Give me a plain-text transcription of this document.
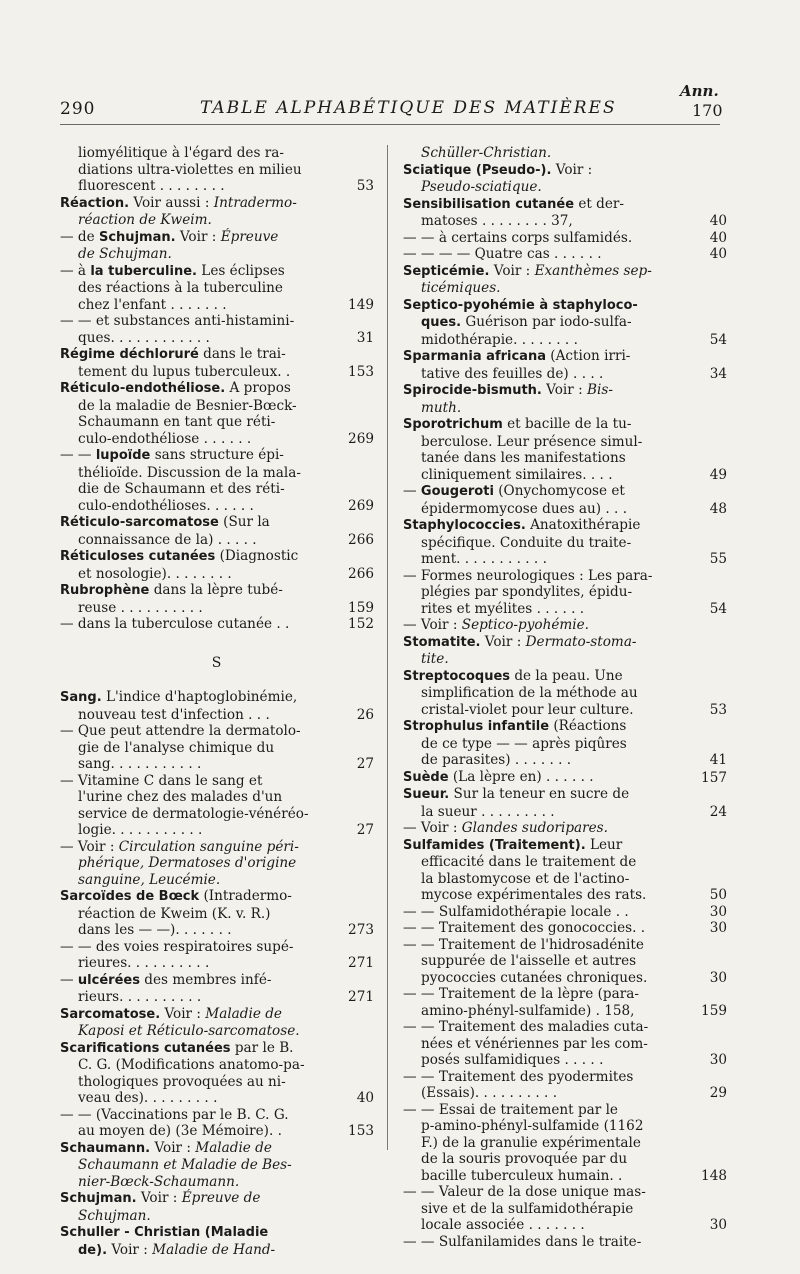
290	TABLE ALPHABÉTIQUE DES MATIÈRES
Ann.
170

liomyélitique à l'égard des ra-

diations ultra-violettes en milieu

fluorescent . . . . . . . .	53

Réaction. Voir aussi : Intradermo-

réaction de Kweim.

— de Schujman. Voir : Épreuve

de Schujman.

— à la tuberculine. Les éclipses

des réactions à la tuberculine

chez l'enfant . . . . . . .	149

— — et substances anti-histamini-

ques. . . . . . . . . . . .	31

Régime déchloruré dans le trai-

tement du lupus tuberculeux. .	153

Réticulo-endothéliose. A propos

de la maladie de Besnier-Bœck-

Schaumann en tant que réti-

culo-endothéliose . . . . . .	269

— — lupoïde sans structure épi-

thélioïde. Discussion de la mala-

die de Schaumann et des réti-

culo-endothélioses. . . . . .	269

Réticulo-sarcomatose (Sur la

connaissance de la) . . . . .	266

Réticuloses cutanées (Diagnostic

et nosologie). . . . . . . .	266

Rubrophène dans la lèpre tubé-

reuse . . . . . . . . . .	159

— dans la tuberculose cutanée . .	152

S

Sang. L'indice d'haptoglobinémie,

nouveau test d'infection . . .	26

— Que peut attendre la dermatolo-

gie de l'analyse chimique du

sang. . . . . . . . . . .	27

— Vitamine C dans le sang et

l'urine chez des malades d'un

service de dermatologie-vénéréo-

logie. . . . . . . . . . .	27

— Voir : Circulation sanguine péri-

phérique, Dermatoses d'origine

sanguine, Leucémie.

Sarcoïdes de Bœck (Intradermo-

réaction de Kweim (K. v. R.)

dans les — —). . . . . . .	273

— — des voies respiratoires supé-

rieures. . . . . . . . . .	271

— ulcérées des membres infé-

rieurs. . . . . . . . . .	271

Sarcomatose. Voir : Maladie de

Kaposi et Réticulo-sarcomatose.

Scarifications cutanées par le B.

C. G. (Modifications anatomo-pa-

thologiques provoquées au ni-

veau des). . . . . . . . .	40

— — (Vaccinations par le B. C. G.

au moyen de) (3e Mémoire). .	153

Schaumann. Voir : Maladie de

Schaumann et Maladie de Bes-

nier-Bœck-Schaumann.

Schujman. Voir : Épreuve de

Schujman.

Schuller - Christian (Maladie

de). Voir : Maladie de Hand-

Schüller-Christian.

Sciatique (Pseudo-). Voir :

Pseudo-sciatique.

Sensibilisation cutanée et der-

matoses . . . . . . . . 37,	40

— — à certains corps sulfamidés.	40

— — — — Quatre cas . . . . . .	40

Septicémie. Voir : Exanthèmes sep-

ticémiques.

Septico-pyohémie à staphyloco-

ques. Guérison par iodo-sulfa-

midothérapie. . . . . . . .	54

Sparmania africana (Action irri-

tative des feuilles de) . . . .	34

Spirocide-bismuth. Voir : Bis-

muth.

Sporotrichum et bacille de la tu-

berculose. Leur présence simul-

tanée dans les manifestations

cliniquement similaires. . . .	49

— Gougeroti (Onychomycose et

épidermomycose dues au) . . .	48

Staphylococcies. Anatoxithérapie

spécifique. Conduite du traite-

ment. . . . . . . . . . .	55

— Formes neurologiques : Les para-

plégies par spondylites, épidu-

rites et myélites . . . . . .	54

— Voir : Septico-pyohémie.

Stomatite. Voir : Dermato-stoma-

tite.

Streptocoques de la peau. Une

simplification de la méthode au

cristal-violet pour leur culture.	53

Strophulus infantile (Réactions

de ce type — — après piqûres

de parasites) . . . . . . .	41

Suède (La lèpre en) . . . . . .	157

Sueur. Sur la teneur en sucre de

la sueur . . . . . . . . .	24

— Voir : Glandes sudoripares.

Sulfamides (Traitement). Leur

efficacité dans le traitement de

la blastomycose et de l'actino-

mycose expérimentales des rats.	50

— — Sulfamidothérapie locale . .	30

— — Traitement des gonococcies. .	30

— — Traitement de l'hidrosadénite

suppurée de l'aisselle et autres

pyococcies cutanées chroniques.	30

— — Traitement de la lèpre (para-

amino-phényl-sulfamide) . 158,	159

— — Traitement des maladies cuta-

nées et vénériennes par les com-

posés sulfamidiques . . . . .	30

— — Traitement des pyodermites

(Essais). . . . . . . . . .	29

— — Essai de traitement par le

p-amino-phényl-sulfamide (1162

F.) de la granulie expérimentale

de la souris provoquée par du

bacille tuberculeux humain. .	148

— — Valeur de la dose unique mas-

sive et de la sulfamidothérapie

locale associée . . . . . . .	30

— — Sulfanilamides dans le traite-
